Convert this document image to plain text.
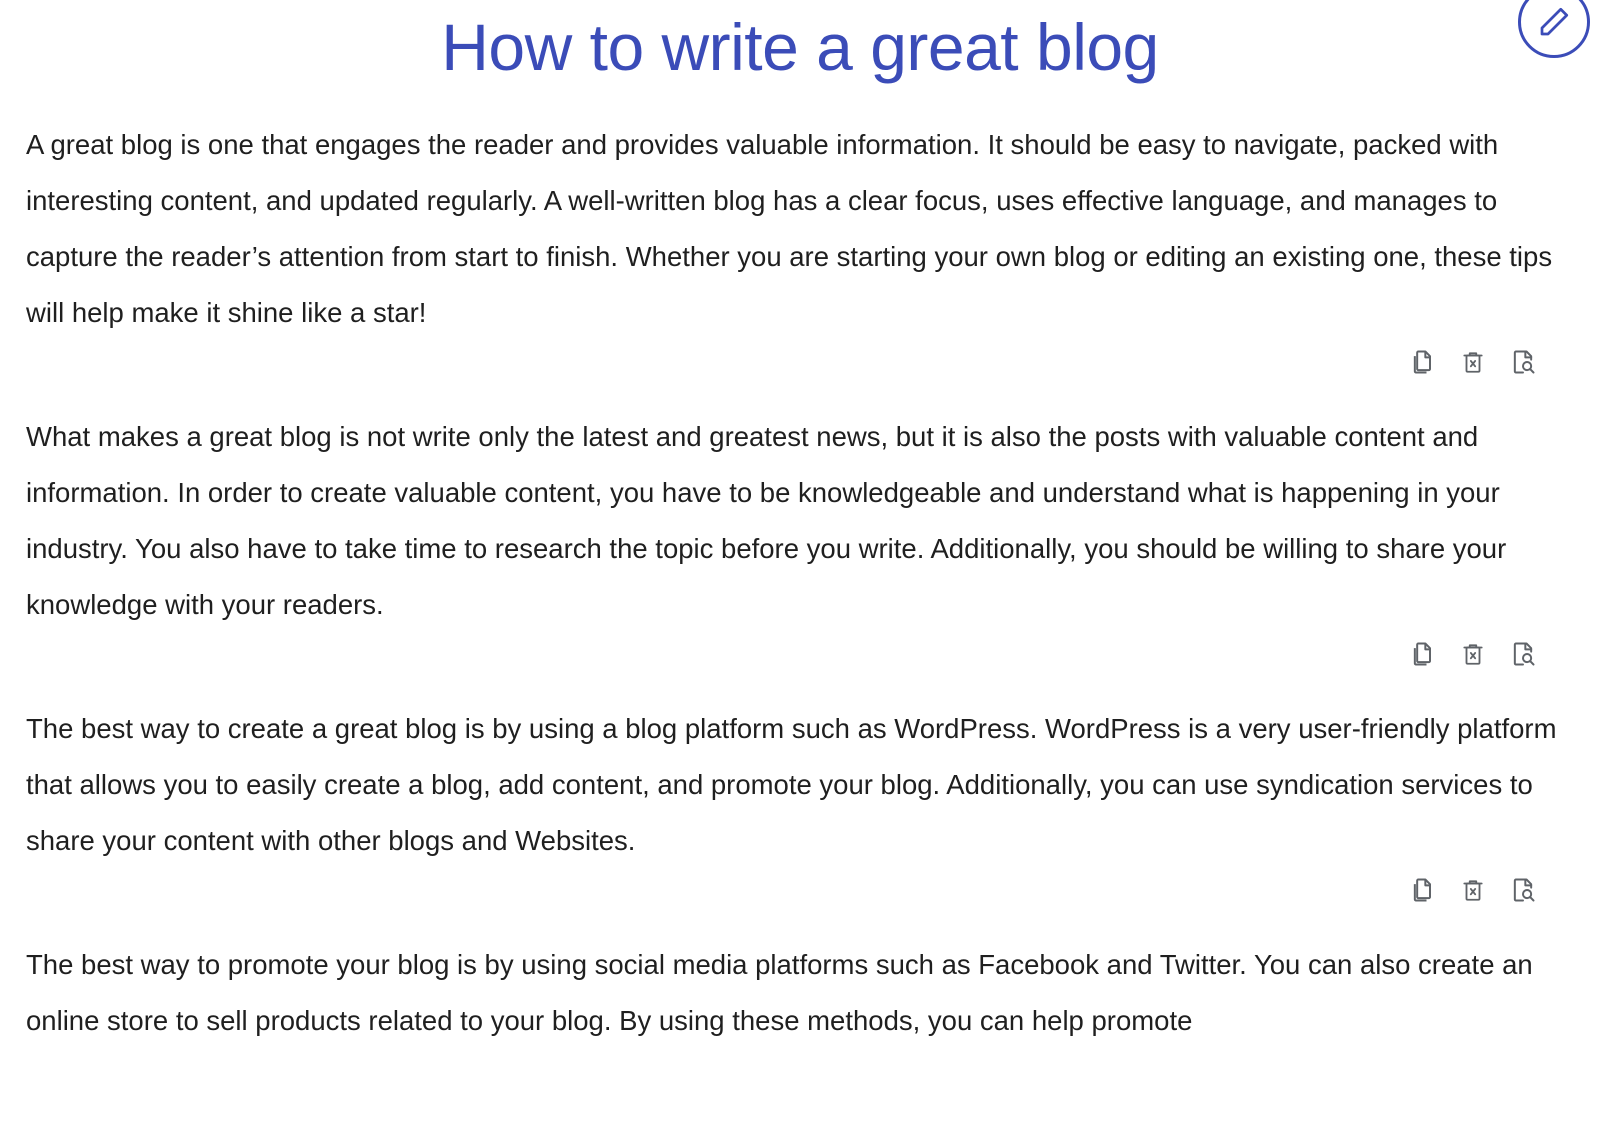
How to write a great blog

A great blog is one that engages the reader and provides valuable information. It should be easy to navigate, packed with interesting content, and updated regularly. A well-written blog has a clear focus, uses effective language, and manages to capture the reader’s attention from start to finish. Whether you are starting your own blog or editing an existing one, these tips will help make it shine like a star!

What makes a great blog is not write only the latest and greatest news, but it is also the posts with valuable content and information. In order to create valuable content, you have to be knowledgeable and understand what is happening in your industry. You also have to take time to research the topic before you write. Additionally, you should be willing to share your knowledge with your readers.

The best way to create a great blog is by using a blog platform such as WordPress. WordPress is a very user-friendly platform that allows you to easily create a blog, add content, and promote your blog. Additionally, you can use syndication services to share your content with other blogs and Websites.

The best way to promote your blog is by using social media platforms such as Facebook and Twitter. You can also create an online store to sell products related to your blog. By using these methods, you can help promote
